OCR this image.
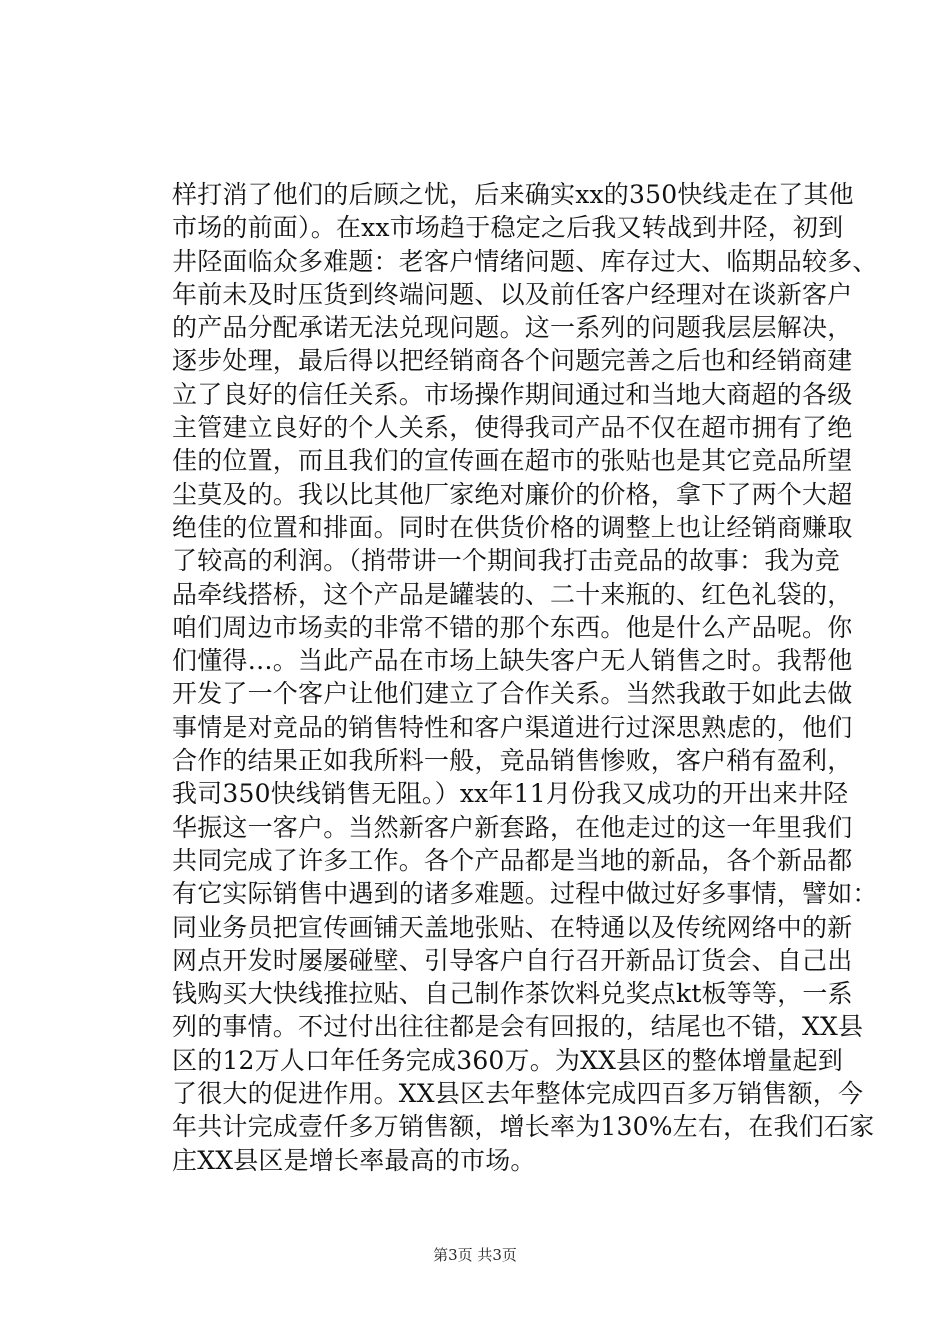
样打消了他们的后顾之忧，后来确实xx的350快线走在了其他
市场的前面）。在xx市场趋于稳定之后我又转战到井陉，初到
井陉面临众多难题：老客户情绪问题、库存过大、临期品较多、
年前未及时压货到终端问题、以及前任客户经理对在谈新客户
的产品分配承诺无法兑现问题。这一系列的问题我层层解决，
逐步处理，最后得以把经销商各个问题完善之后也和经销商建
立了良好的信任关系。市场操作期间通过和当地大商超的各级
主管建立良好的个人关系，使得我司产品不仅在超市拥有了绝
佳的位置，而且我们的宣传画在超市的张贴也是其它竞品所望
尘莫及的。我以比其他厂家绝对廉价的价格，拿下了两个大超
绝佳的位置和排面。同时在供货价格的调整上也让经销商赚取
了较高的利润。（捎带讲一个期间我打击竞品的故事：我为竞
品牵线搭桥，这个产品是罐装的、二十来瓶的、红色礼袋的，
咱们周边市场卖的非常不错的那个东西。他是什么产品呢。你
们懂得…。当此产品在市场上缺失客户无人销售之时。我帮他
开发了一个客户让他们建立了合作关系。当然我敢于如此去做
事情是对竞品的销售特性和客户渠道进行过深思熟虑的，他们
合作的结果正如我所料一般，竞品销售惨败，客户稍有盈利，
我司350快线销售无阻。）xx年11月份我又成功的开出来井陉
华振这一客户。当然新客户新套路，在他走过的这一年里我们
共同完成了许多工作。各个产品都是当地的新品，各个新品都
有它实际销售中遇到的诸多难题。过程中做过好多事情，譬如：
同业务员把宣传画铺天盖地张贴、在特通以及传统网络中的新
网点开发时屡屡碰壁、引导客户自行召开新品订货会、自己出
钱购买大快线推拉贴、自己制作茶饮料兑奖点kt板等等，一系
列的事情。不过付出往往都是会有回报的，结尾也不错，XX县
区的12万人口年任务完成360万。为XX县区的整体增量起到
了很大的促进作用。XX县区去年整体完成四百多万销售额，今
年共计完成壹仟多万销售额，增长率为130%左右，在我们石家
庄XX县区是增长率最高的市场。
第3页 共3页
